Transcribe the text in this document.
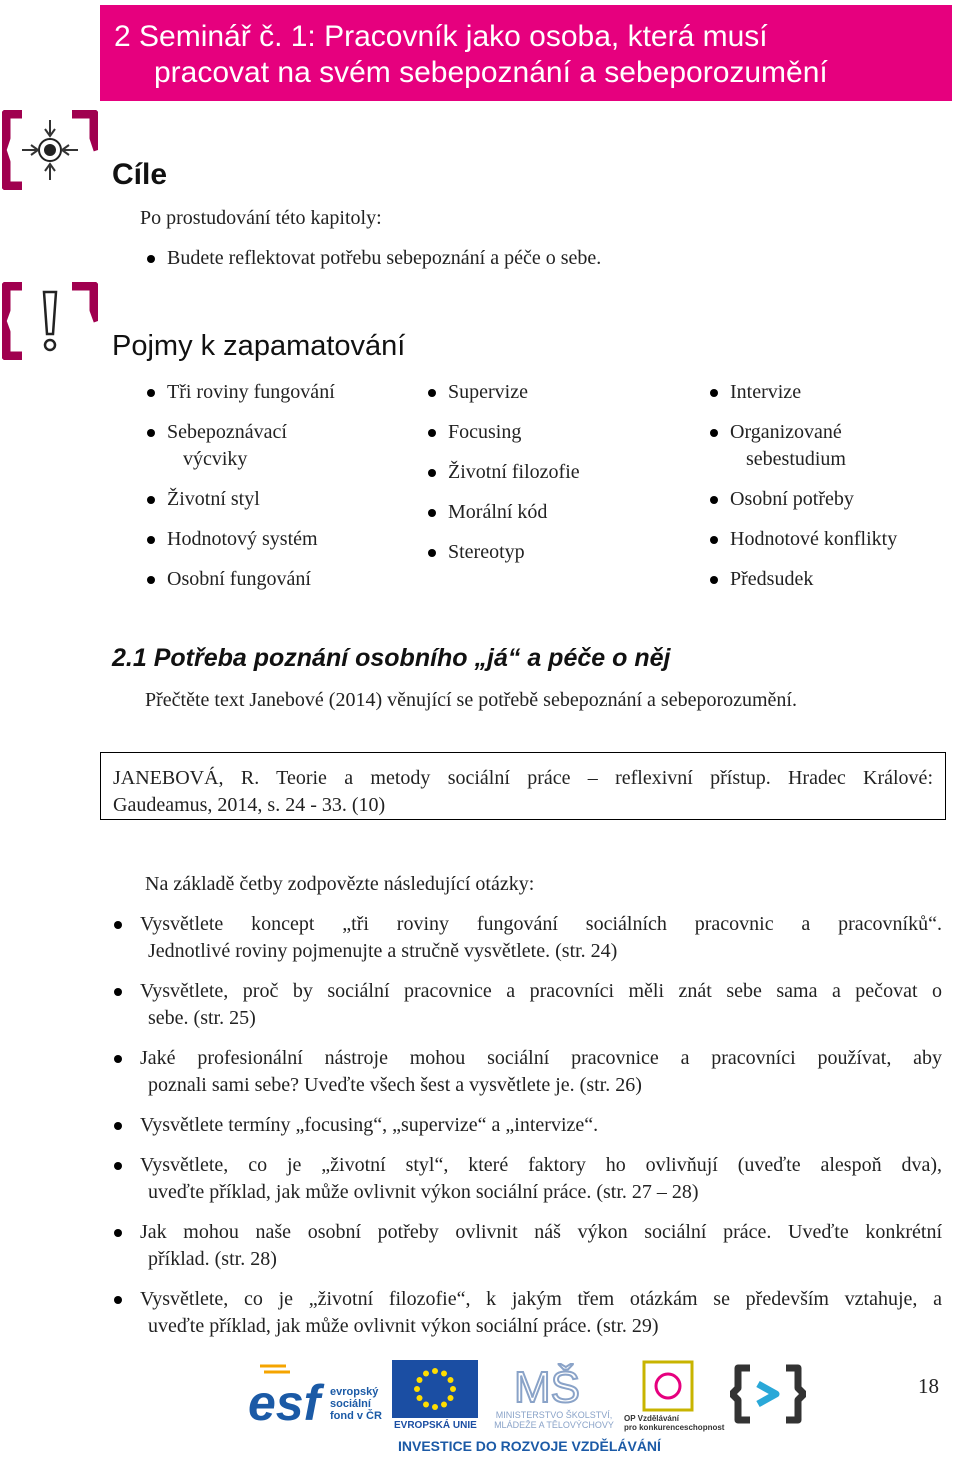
2 Seminář č. 1: Pracovník jako osoba, která musí
pracovat na svém sebepoznání a sebeporozumění
Cíle
Po prostudování této kapitoly:
Budete reflektovat potřebu sebepoznání a péče o sebe.
Pojmy k zapamatování
Tři roviny fungování
Sebepoznávací
výcviky
Životní styl
Hodnotový systém
Osobní fungování
Supervize
Focusing
Životní filozofie
Morální kód
Stereotyp
Intervize
Organizované
sebestudium
Osobní potřeby
Hodnotové konflikty
Předsudek
2.1 Potřeba poznání osobního „já“ a péče o něj
Přečtěte text Janebové (2014) věnující se potřebě sebepoznání a sebeporozumění.
JANEBOVÁ, R. Teorie a metody sociální práce – reflexivní přístup. Hradec Králové:
Gaudeamus, 2014, s. 24 - 33. (10)
Na základě četby zodpovězte následující otázky:
Vysvětlete koncept „tři roviny fungování sociálních pracovnic a pracovníků“.
Jednotlivé roviny pojmenujte a stručně vysvětlete. (str. 24)
Vysvětlete, proč by sociální pracovnice a pracovníci měli znát sebe sama a pečovat o
sebe. (str. 25)
Jaké profesionální nástroje mohou sociální pracovnice a pracovníci používat, aby
poznali sami sebe? Uveďte všech šest a vysvětlete je. (str. 26)
Vysvětlete termíny „focusing“, „supervize“ a „intervize“.
Vysvětlete, co je „životní styl“, které faktory ho ovlivňují (uveďte alespoň dva),
uveďte příklad, jak může ovlivnit výkon sociální práce. (str. 27 – 28)
Jak mohou naše osobní potřeby ovlivnit náš výkon sociální práce. Uveďte konkrétní
příklad. (str. 28)
Vysvětlete, co je „životní filozofie“, k jakým třem otázkám se především vztahuje, a
uveďte příklad, jak může ovlivnit výkon sociální práce. (str. 29)
esf evropský
sociální
fond v ČR
EVROPSKÁ UNIE
MŠ
MINISTERSTVO ŠKOLSTVÍ,
MLÁDEŽE A TĚLOVÝCHOVY
OP Vzdělávání
pro konkurenceschopnost
INVESTICE DO ROZVOJE VZDĚLÁVÁNÍ
18
